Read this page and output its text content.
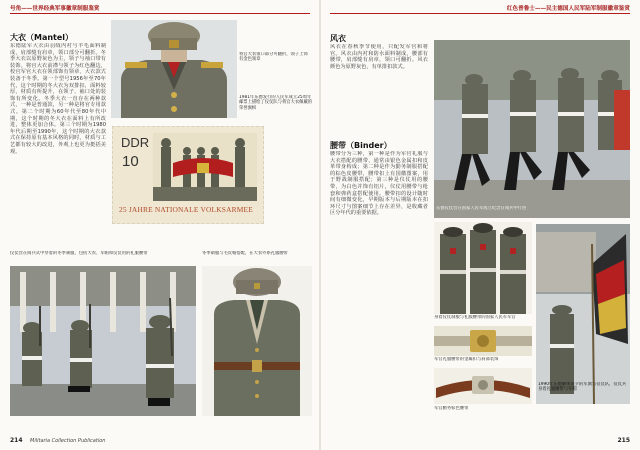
号角——世界经典军事徽章制服鉴赏
大衣（Mantel）
东德陆军大衣由羽绒内衬与羊毛面料制成，肩部缝有肩章，领口部分可翻折。冬季大衣以原野灰色为主，领子与袖口带有装饰。将官大衣前襟与领子为红色翻边，校官军官大衣在领部饰有领章，大衣款式装备于冬季。第一个型号1956年至70年代，这个时期的冬大衣为双排扣，面料较厚，材质有所提升，在领子、袖口处的装饰有所变化。冬季大衣一直存在两种款式，一种是普通款，另一种是将官专用款式。第二个时期为60年代至80年代中期，这个时期的冬大衣在面料上有所改进，整体更加合体。第三个时期为1980年代后期至1990年，这个时期的大衣款式在保持原有基本风格的同时，材质与工艺都有较大的改进，外观上也更为挺括美观。
将官大衣领口部分可翻折，领子上饰有金色领章
1981年东德发行的人民军成立25周年邮票上描绘了仪仗队与将官大衣佩戴的荣誉旗帜
DDR
10
25 JAHRE NATIONALE VOLKSARMEE
仪仗营在阅兵式中穿着的冬季制服，包括大衣、军帽和仪仗用的礼服腰带	冬季制服与毛皮帽搭配，在大衣外系礼服腰带
214 Militaria Collection Publication
红色普鲁士——民主德国人民军陆军制服徽章鉴赏
风衣
风衣在春秋季节使用，只配发军官和将官。风衣由内衬和防水面料制成，腰部有腰带，肩部缝有肩章，领口可翻折。风衣颜色为原野灰色，有单排扣款式。
腰带（Binder）
腰带分为三种，第一种是作为军官礼服与大衣搭配的腰带，通常由银色金属扣和皮革带身构成；第二种是作为勤务制服搭配的棕色皮腰带，腰带扣上有国徽图案，用于野战制服搭配；第三种是仪仗用的腰带，为白色并饰有铝片，仪仗用腰带与枪套和弹药盒搭配使用。腰带扣的设计随时间有细微变化，早期版本与后期版本在扣环尺寸与图案细节上存在差异，是收藏者区分年代的重要依据。
东德仪仗营在国家人民军成立纪念日阅兵中行进
身着仪仗制服与礼服腰带的国家人民军军官
军官礼服腰带的金属扣与肩部装饰
军官勤务棕色腰带
1990年东德解体前夕的军旗与仪仗队，仪仗兵身着礼服腰带与军帽
215
